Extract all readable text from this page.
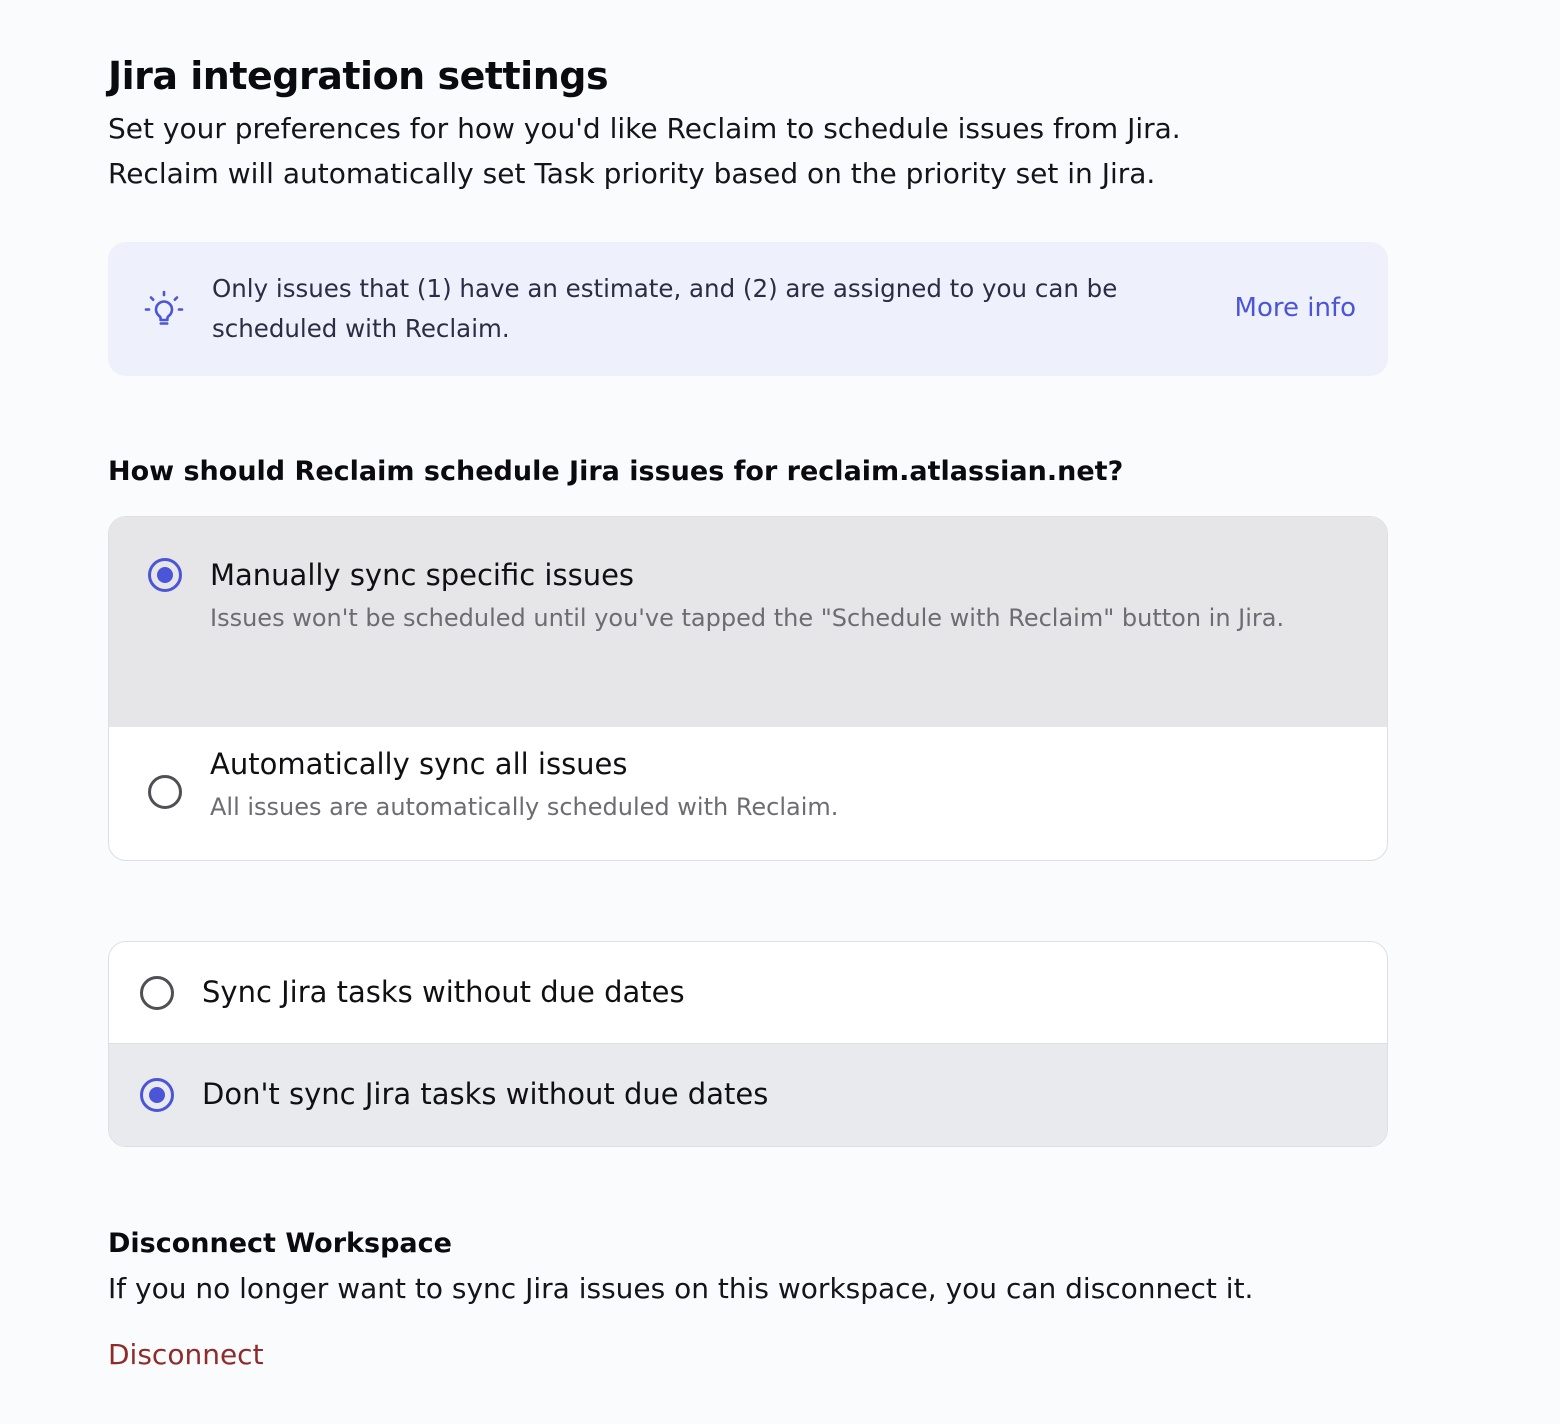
Jira integration settings
Set your preferences for how you'd like Reclaim to schedule issues from Jira.
Reclaim will automatically set Task priority based on the priority set in Jira.
Only issues that (1) have an estimate, and (2) are assigned to you can be scheduled with Reclaim.
More info
How should Reclaim schedule Jira issues for reclaim.atlassian.net?
Manually sync specific issues
Issues won't be scheduled until you've tapped the "Schedule with Reclaim" button in Jira.
Automatically sync all issues
All issues are automatically scheduled with Reclaim.
Sync Jira tasks without due dates
Don't sync Jira tasks without due dates
Disconnect Workspace

If you no longer want to sync Jira issues on this workspace, you can disconnect it.

Disconnect
